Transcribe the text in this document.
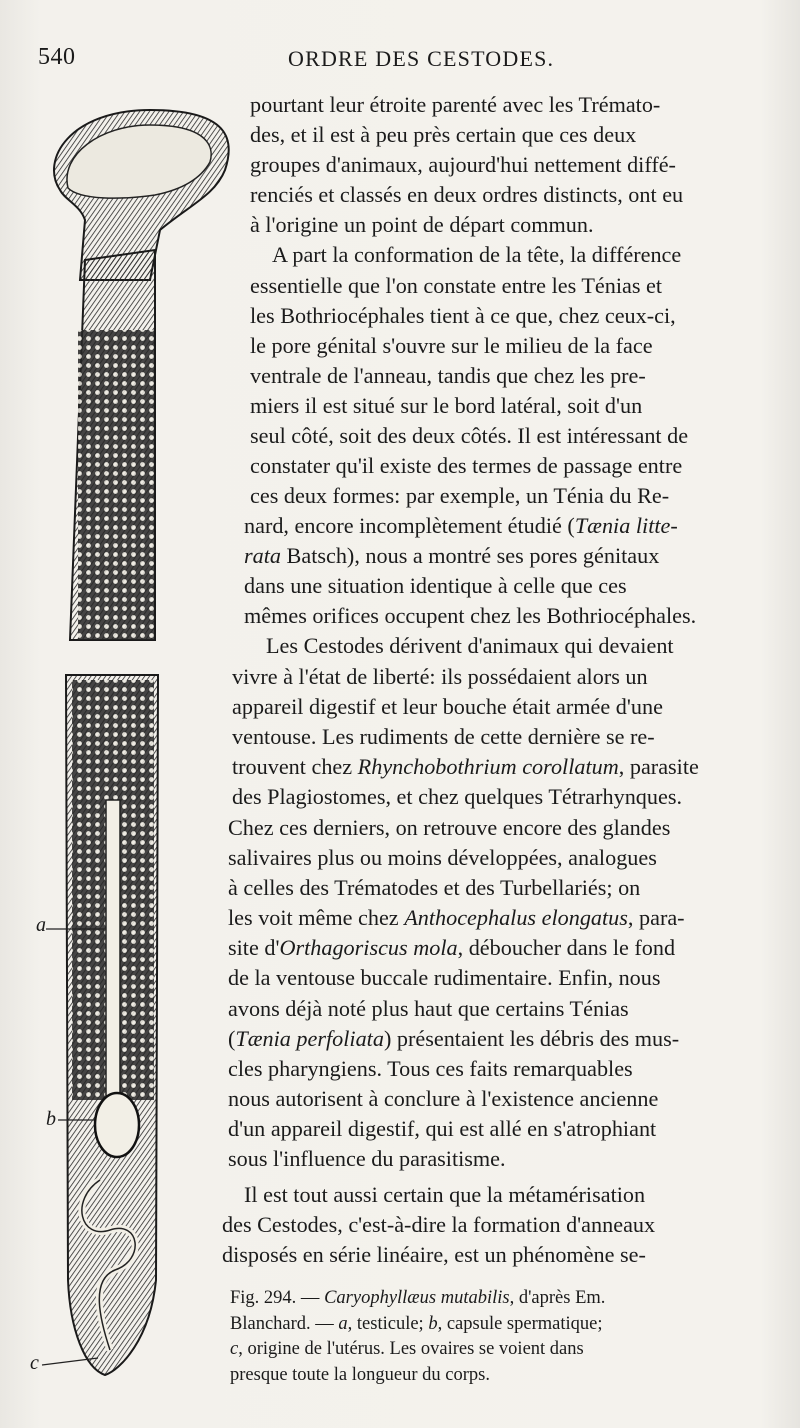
540	ORDRE DES CESTODES.
a
b
c
pourtant leur étroite parenté avec les Trémato-
des, et il est à peu près certain que ces deux
groupes d'animaux, aujourd'hui nettement diffé-
renciés et classés en deux ordres distincts, ont eu
à l'origine un point de départ commun.
A part la conformation de la tête, la différence
essentielle que l'on constate entre les Ténias et
les Bothriocéphales tient à ce que, chez ceux-ci,
le pore génital s'ouvre sur le milieu de la face
ventrale de l'anneau, tandis que chez les pre-
miers il est situé sur le bord latéral, soit d'un
seul côté, soit des deux côtés. Il est intéressant de
constater qu'il existe des termes de passage entre
ces deux formes: par exemple, un Ténia du Re-
nard, encore incomplètement étudié (Tænia litte-
rata Batsch), nous a montré ses pores génitaux
dans une situation identique à celle que ces
mêmes orifices occupent chez les Bothriocéphales.
Les Cestodes dérivent d'animaux qui devaient
vivre à l'état de liberté: ils possédaient alors un
appareil digestif et leur bouche était armée d'une
ventouse. Les rudiments de cette dernière se re-
trouvent chez Rhynchobothrium corollatum, parasite
des Plagiostomes, et chez quelques Tétrarhynques.
Chez ces derniers, on retrouve encore des glandes
salivaires plus ou moins développées, analogues
à celles des Trématodes et des Turbellariés; on
les voit même chez Anthocephalus elongatus, para-
site d'Orthagoriscus mola, déboucher dans le fond
de la ventouse buccale rudimentaire. Enfin, nous
avons déjà noté plus haut que certains Ténias
(Tænia perfoliata) présentaient les débris des mus-
cles pharyngiens. Tous ces faits remarquables
nous autorisent à conclure à l'existence ancienne
d'un appareil digestif, qui est allé en s'atrophiant
sous l'influence du parasitisme.
Il est tout aussi certain que la métamérisation
des Cestodes, c'est-à-dire la formation d'anneaux
disposés en série linéaire, est un phénomène se-
Fig. 294. — Caryophyllæus mutabilis, d'après Em.
Blanchard. — a, testicule; b, capsule spermatique;
c, origine de l'utérus. Les ovaires se voient dans
presque toute la longueur du corps.
